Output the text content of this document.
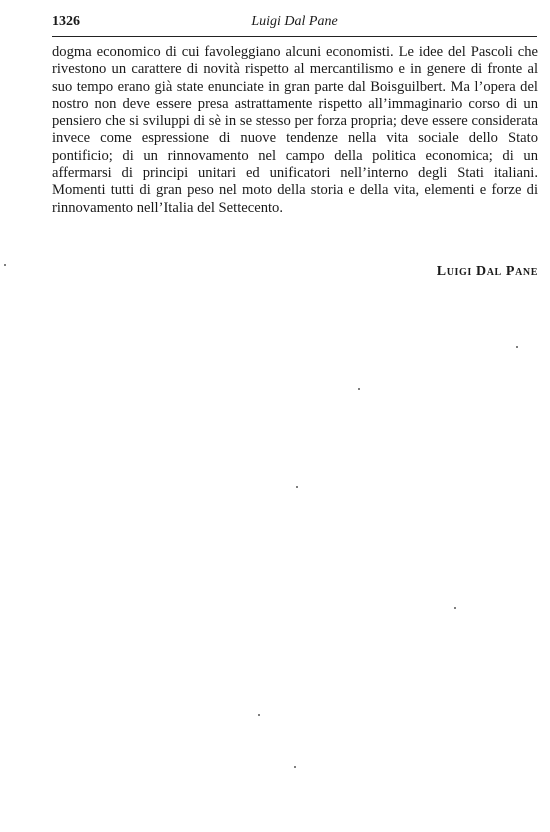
1326	Luigi Dal Pane

dogma economico di cui favoleggiano alcuni economisti. Le idee del Pascoli che rivestono un carattere di novità rispetto al mercantilismo e in genere di fronte al suo tempo erano già state enunciate in gran parte dal Boisguilbert. Ma l’opera del nostro non deve essere presa astrattamente rispetto all’immaginario corso di un pensiero che si sviluppi di sè in se stesso per forza propria; deve essere considerata invece come espressione di nuove tendenze nella vita sociale dello Stato pontificio; di un rinnovamento nel campo della politica economica; di un affermarsi di principi unitari ed unificatori nell’interno degli Stati italiani. Momenti tutti di gran peso nel moto della storia e della vita, elementi e forze di rinnovamento nell’Italia del Settecento.

Luigi Dal Pane
